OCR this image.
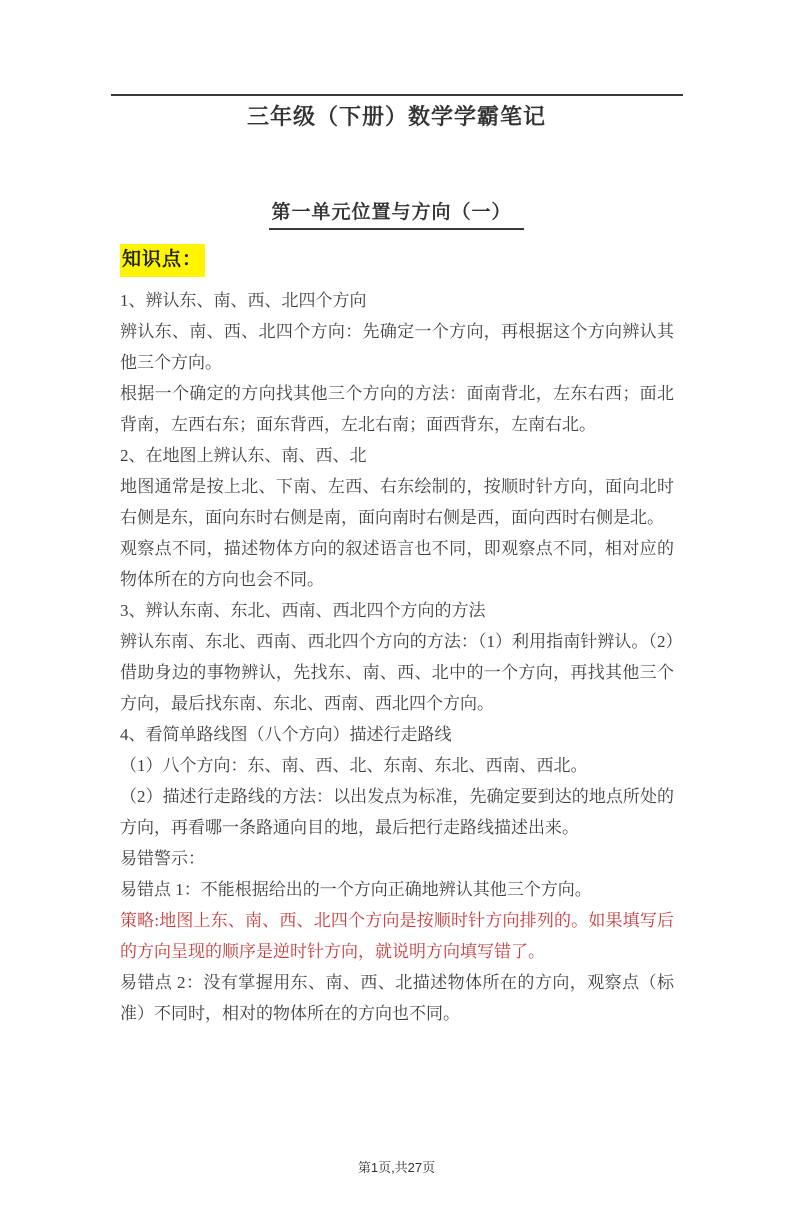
三年级（下册）数学学霸笔记
第一单元位置与方向（一）
知识点：

1、辨认东、南、西、北四个方向

辨认东、南、西、北四个方向：先确定一个方向，再根据这个方向辨认其他三个方向。

根据一个确定的方向找其他三个方向的方法：面南背北，左东右西；面北背南，左西右东；面东背西，左北右南；面西背东，左南右北。

2、在地图上辨认东、南、西、北

地图通常是按上北、下南、左西、右东绘制的，按顺时针方向，面向北时右侧是东，面向东时右侧是南，面向南时右侧是西，面向西时右侧是北。

观察点不同，描述物体方向的叙述语言也不同，即观察点不同，相对应的物体所在的方向也会不同。

3、辨认东南、东北、西南、西北四个方向的方法

辨认东南、东北、西南、西北四个方向的方法：（1）利用指南针辨认。（2）借助身边的事物辨认，先找东、南、西、北中的一个方向，再找其他三个方向，最后找东南、东北、西南、西北四个方向。

4、看简单路线图（八个方向）描述行走路线

（1）八个方向：东、南、西、北、东南、东北、西南、西北。

（2）描述行走路线的方法：以出发点为标准，先确定要到达的地点所处的方向，再看哪一条路通向目的地，最后把行走路线描述出来。

易错警示：

易错点 1：不能根据给出的一个方向正确地辨认其他三个方向。

策略:地图上东、南、西、北四个方向是按顺时针方向排列的。如果填写后的方向呈现的顺序是逆时针方向，就说明方向填写错了。

易错点 2：没有掌握用东、南、西、北描述物体所在的方向，观察点（标准）不同时，相对的物体所在的方向也不同。

第1页,共27页
